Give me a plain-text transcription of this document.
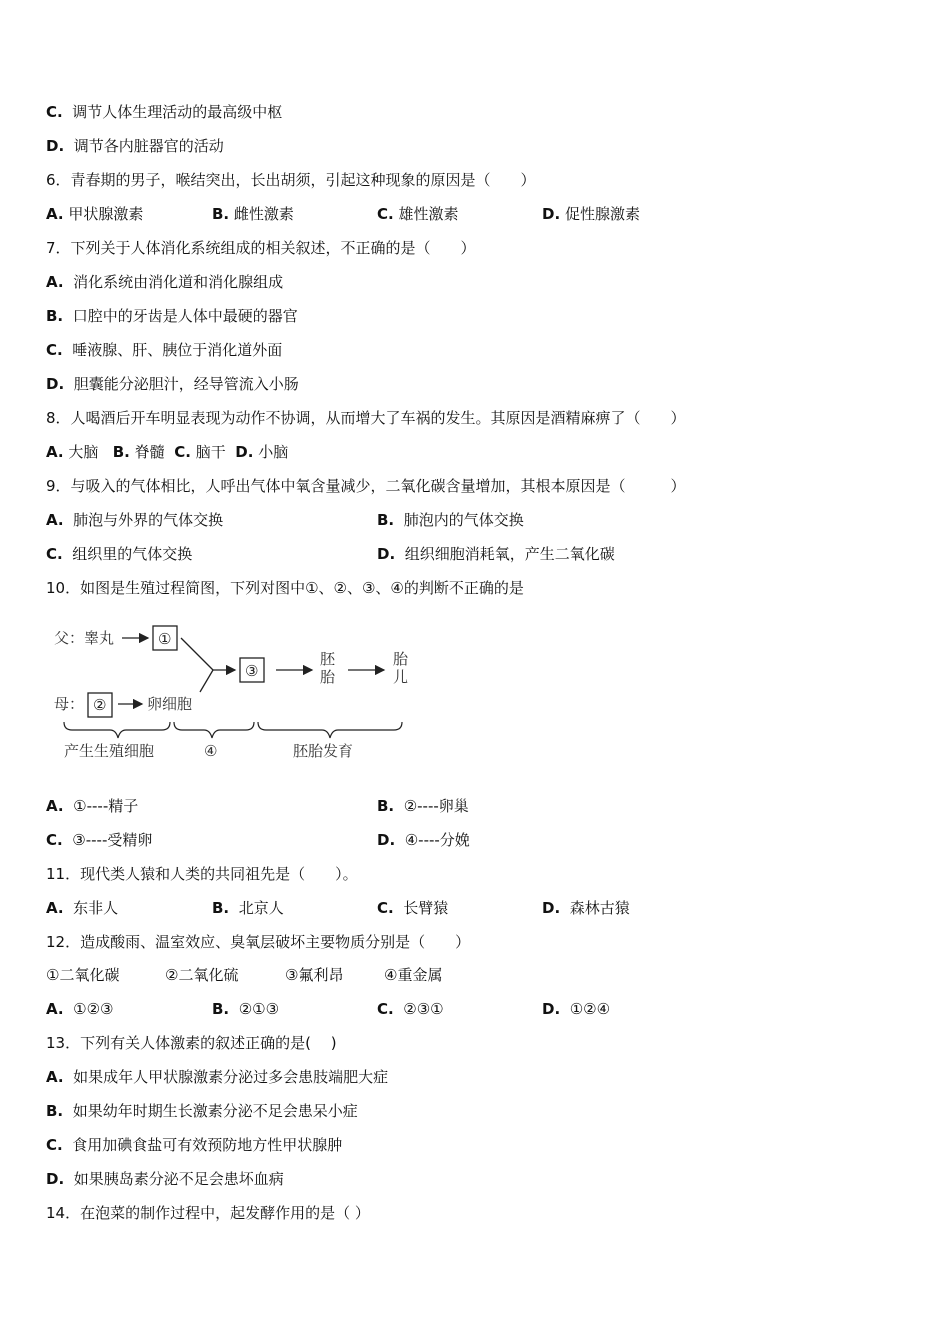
C. 调节人体生理活动的最高级中枢
D. 调节各内脏器官的活动
6．青春期的男子，喉结突出，长出胡须，引起这种现象的原因是（　　）
A. 甲状腺激素	B. 雌性激素	C. 雄性激素	D. 促性腺激素
7．下列关于人体消化系统组成的相关叙述，不正确的是（　　）
A. 消化系统由消化道和消化腺组成
B. 口腔中的牙齿是人体中最硬的器官
C. 唾液腺、肝、胰位于消化道外面
D. 胆囊能分泌胆汁，经导管流入小肠
8．人喝酒后开车明显表现为动作不协调，从而增大了车祸的发生。其原因是酒精麻痹了（　　）
A. 大脑 B. 脊髓 C. 脑干 D. 小脑
9．与吸入的气体相比，人呼出气体中氧含量减少，二氧化碳含量增加，其根本原因是（　　　）
A. 肺泡与外界的气体交换	B. 肺泡内的气体交换
C. 组织里的气体交换	D. 组织细胞消耗氧，产生二氧化碳
10．如图是生殖过程简图，下列对图中①、②、③、④的判断不正确的是
父：睾丸	①
母： ②	卵细胞
③
胚
胎
胎
儿
产生生殖细胞	④	胚胎发育
A. ①----精子	B. ②----卵巢
C. ③----受精卵	D. ④----分娩
11．现代类人猿和人类的共同祖先是（　　）。
A. 东非人	B. 北京人	C. 长臂猿	D. 森林古猿
12．造成酸雨、温室效应、臭氧层破坏主要物质分别是（　　）
①二氧化碳	②二氧化硫	③氟利昂	④重金属
A. ①②③	B. ②①③	C. ②③①	D. ①②④
13．下列有关人体激素的叙述正确的是(　 )
A. 如果成年人甲状腺激素分泌过多会患肢端肥大症
B. 如果幼年时期生长激素分泌不足会患呆小症
C. 食用加碘食盐可有效预防地方性甲状腺肿
D. 如果胰岛素分泌不足会患坏血病
14．在泡菜的制作过程中，起发酵作用的是（ ）
